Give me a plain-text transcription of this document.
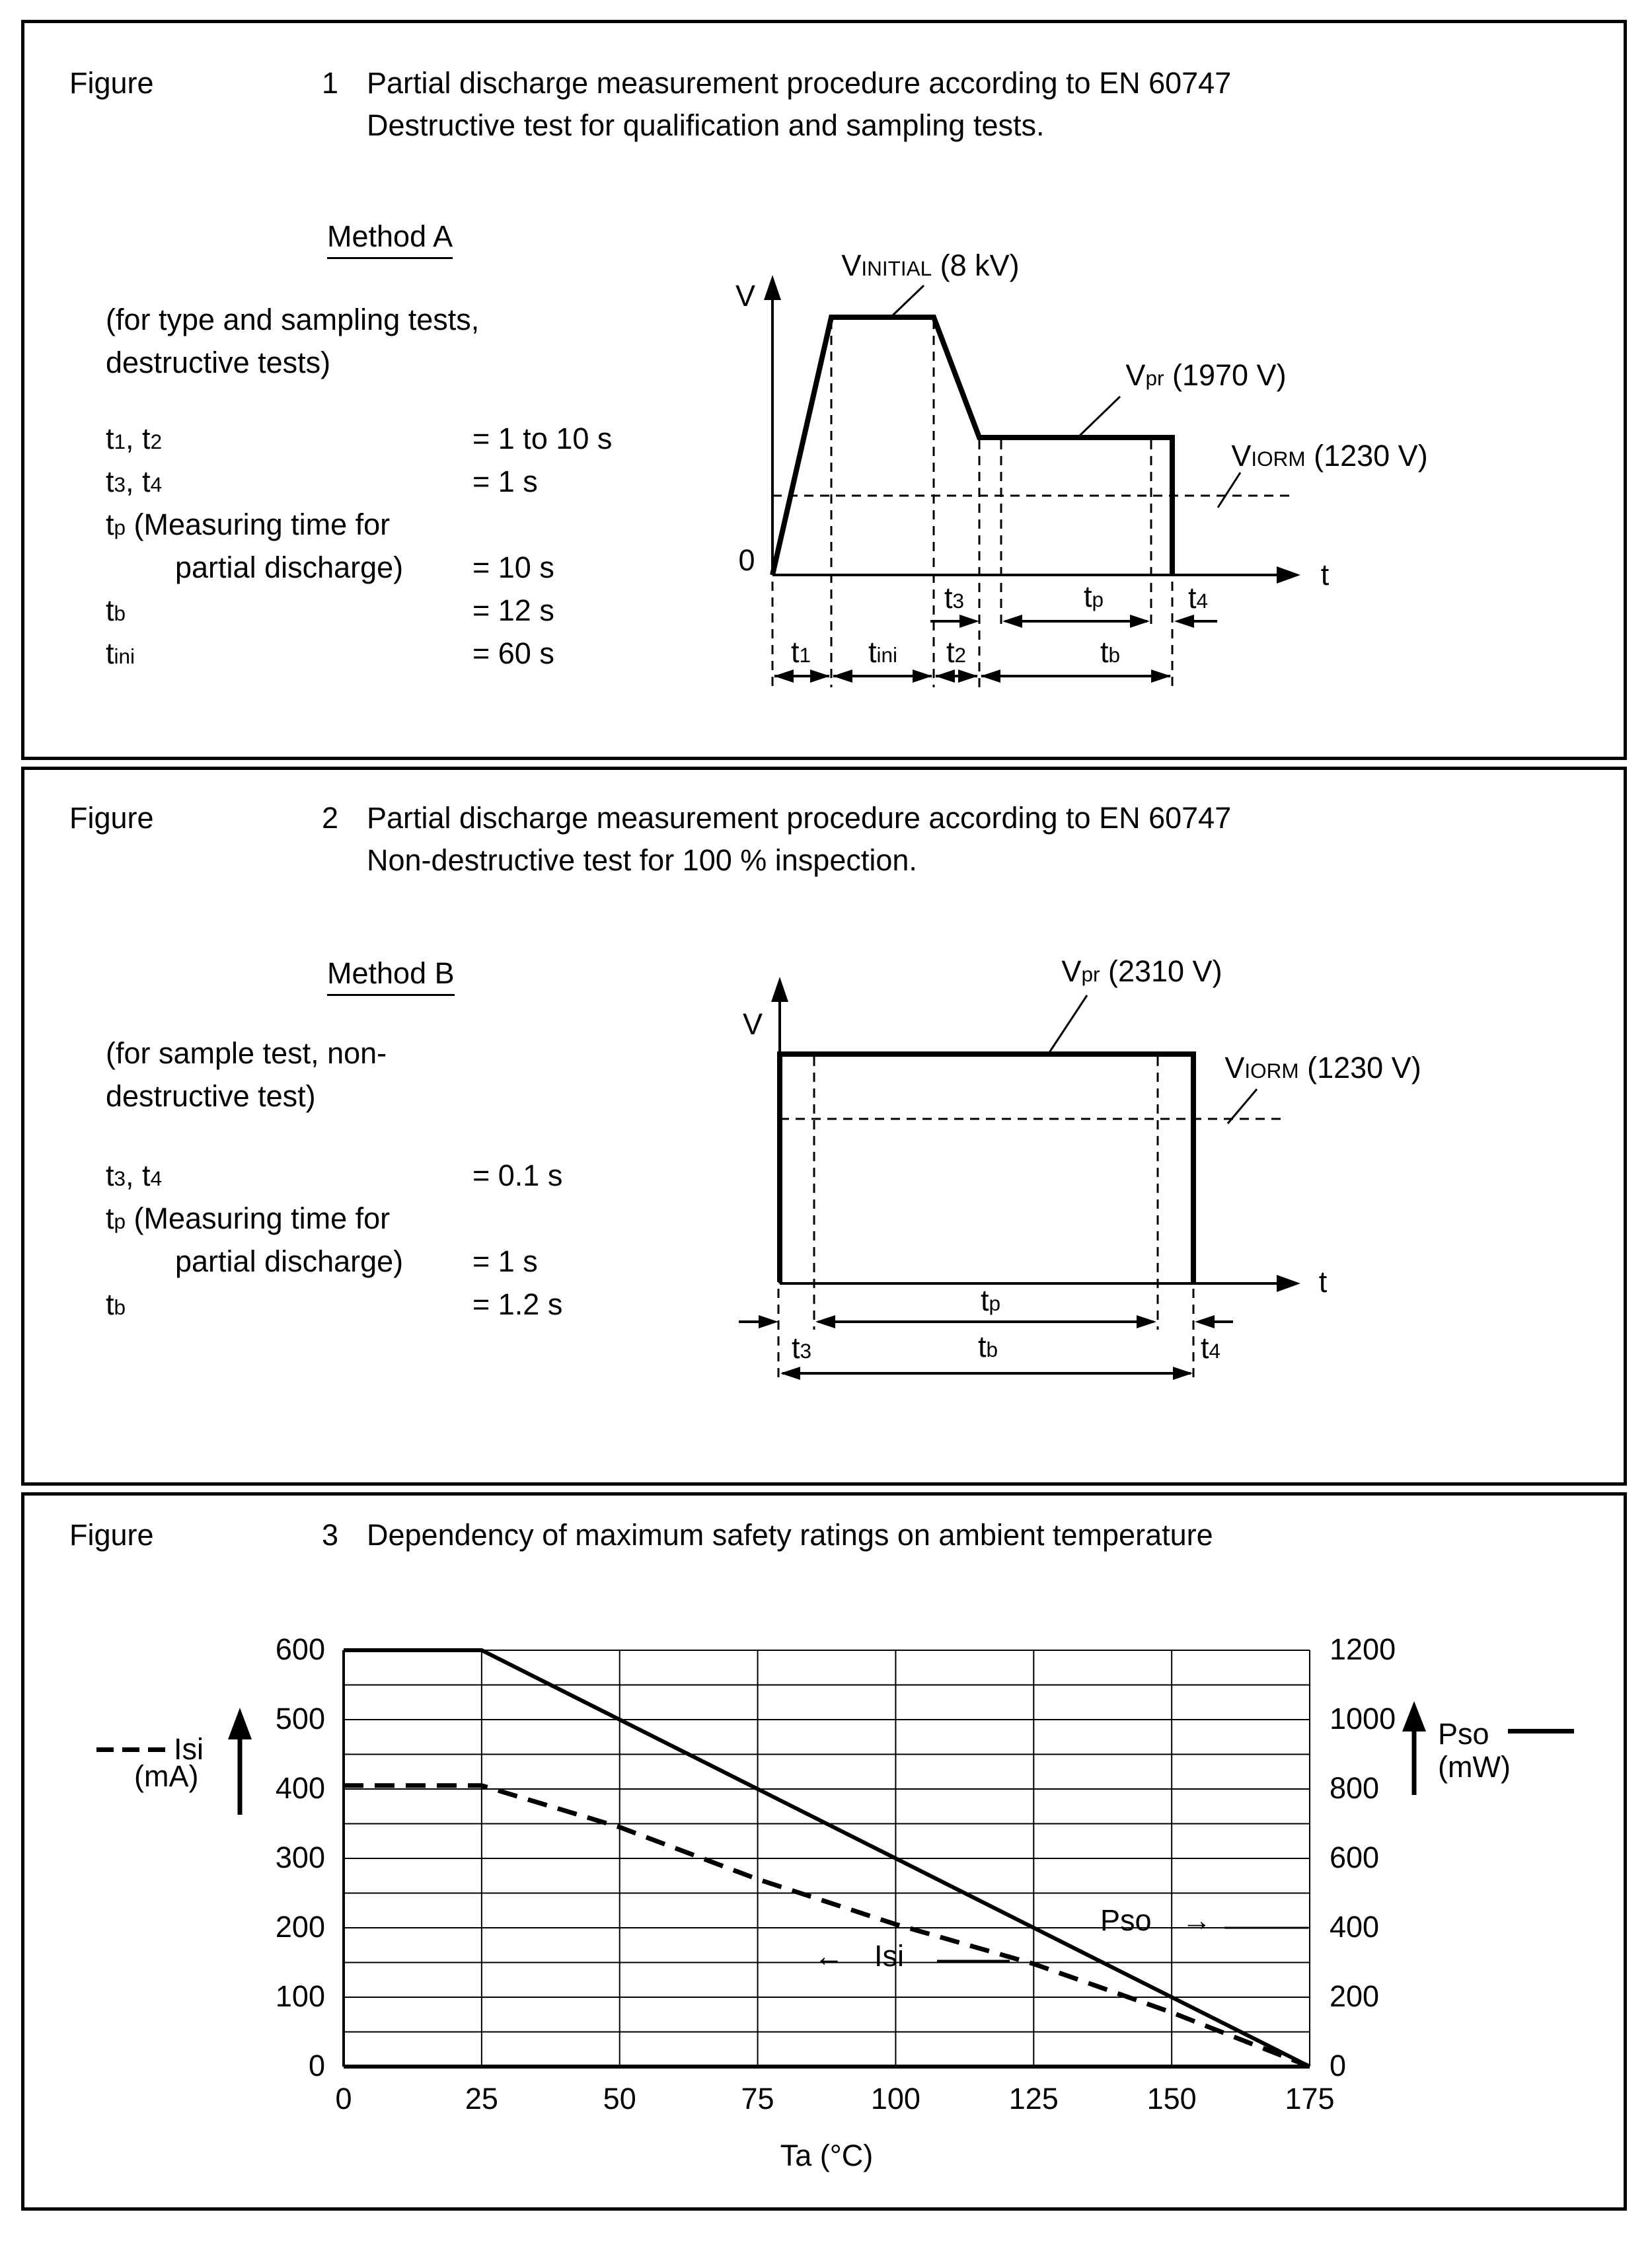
Figure	1 Partial discharge measurement procedure according to EN 60747
Destructive test for qualification and sampling tests.
Method A
(for type and sampling tests,
destructive tests)
t1, t2	= 1 to 10 s
t3, t4	= 1 s
tp (Measuring time for
partial discharge) = 10 s
tb	= 12 s
tini	= 60 s
V
0	t
VINITIAL (8 kV)
Vpr (1970 V)
VIORM (1230 V)
t3	tp	t4
t1 tini t2	tb
Figure	2 Partial discharge measurement procedure according to EN 60747
Non-destructive test for 100 % inspection.
Method B
(for sample test, non-
destructive test)
t3, t4	= 0.1 s
tp (Measuring time for
partial discharge) = 1 s
tb	= 1.2 s
V
t
Vpr (2310 V)
VIORM (1230 V)
tp
t3	tb	t4
Figure	3 Dependency of maximum safety ratings on ambient temperature
Pso →
← Isi
Isi
(mA)
Pso
(mW)
Ta (°C)
600
500
400
300
200
100
0
1200
1000
800
600
400
200
0
0	25	50	75	100	125	150	175
